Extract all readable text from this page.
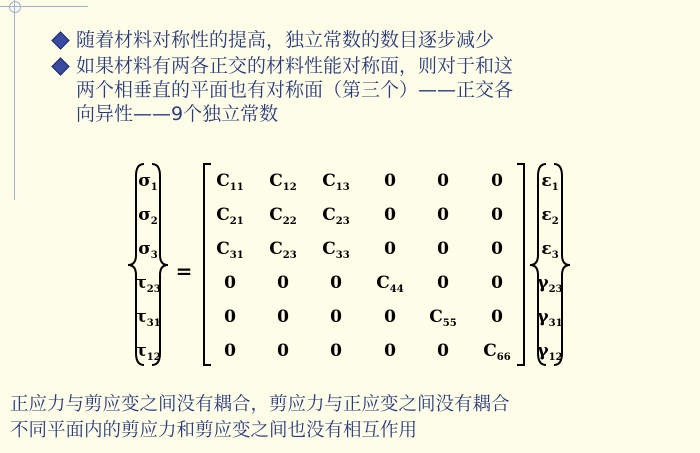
随着材料对称性的提高，独立常数的数目逐步减少
如果材料有两各正交的材料性能对称面，则对于和这
两个相垂直的平面也有对称面（第三个）——正交各
向异性——9个独立常数
$\sigma_1$
$\sigma_2$
$\sigma_3$
$\tau_{23}$
$\tau_{31}$
$\tau_{12}$
=
$C_{11}$ $C_{12}$ $C_{13}$ 0 0 0
$C_{21}$ $C_{22}$ $C_{23}$ 0 0 0
$C_{31}$ $C_{23}$ $C_{33}$ 0 0 0
0 0 0 $C_{44}$ 0 0
0 0 0 0 $C_{55}$ 0
0 0 0 0 0 $C_{66}$
$\varepsilon_1$
$\varepsilon_2$
$\varepsilon_3$
$\gamma_{23}$
$\gamma_{31}$
$\gamma_{12}$
正应力与剪应变之间没有耦合，剪应力与正应变之间没有耦合
不同平面内的剪应力和剪应变之间也没有相互作用
